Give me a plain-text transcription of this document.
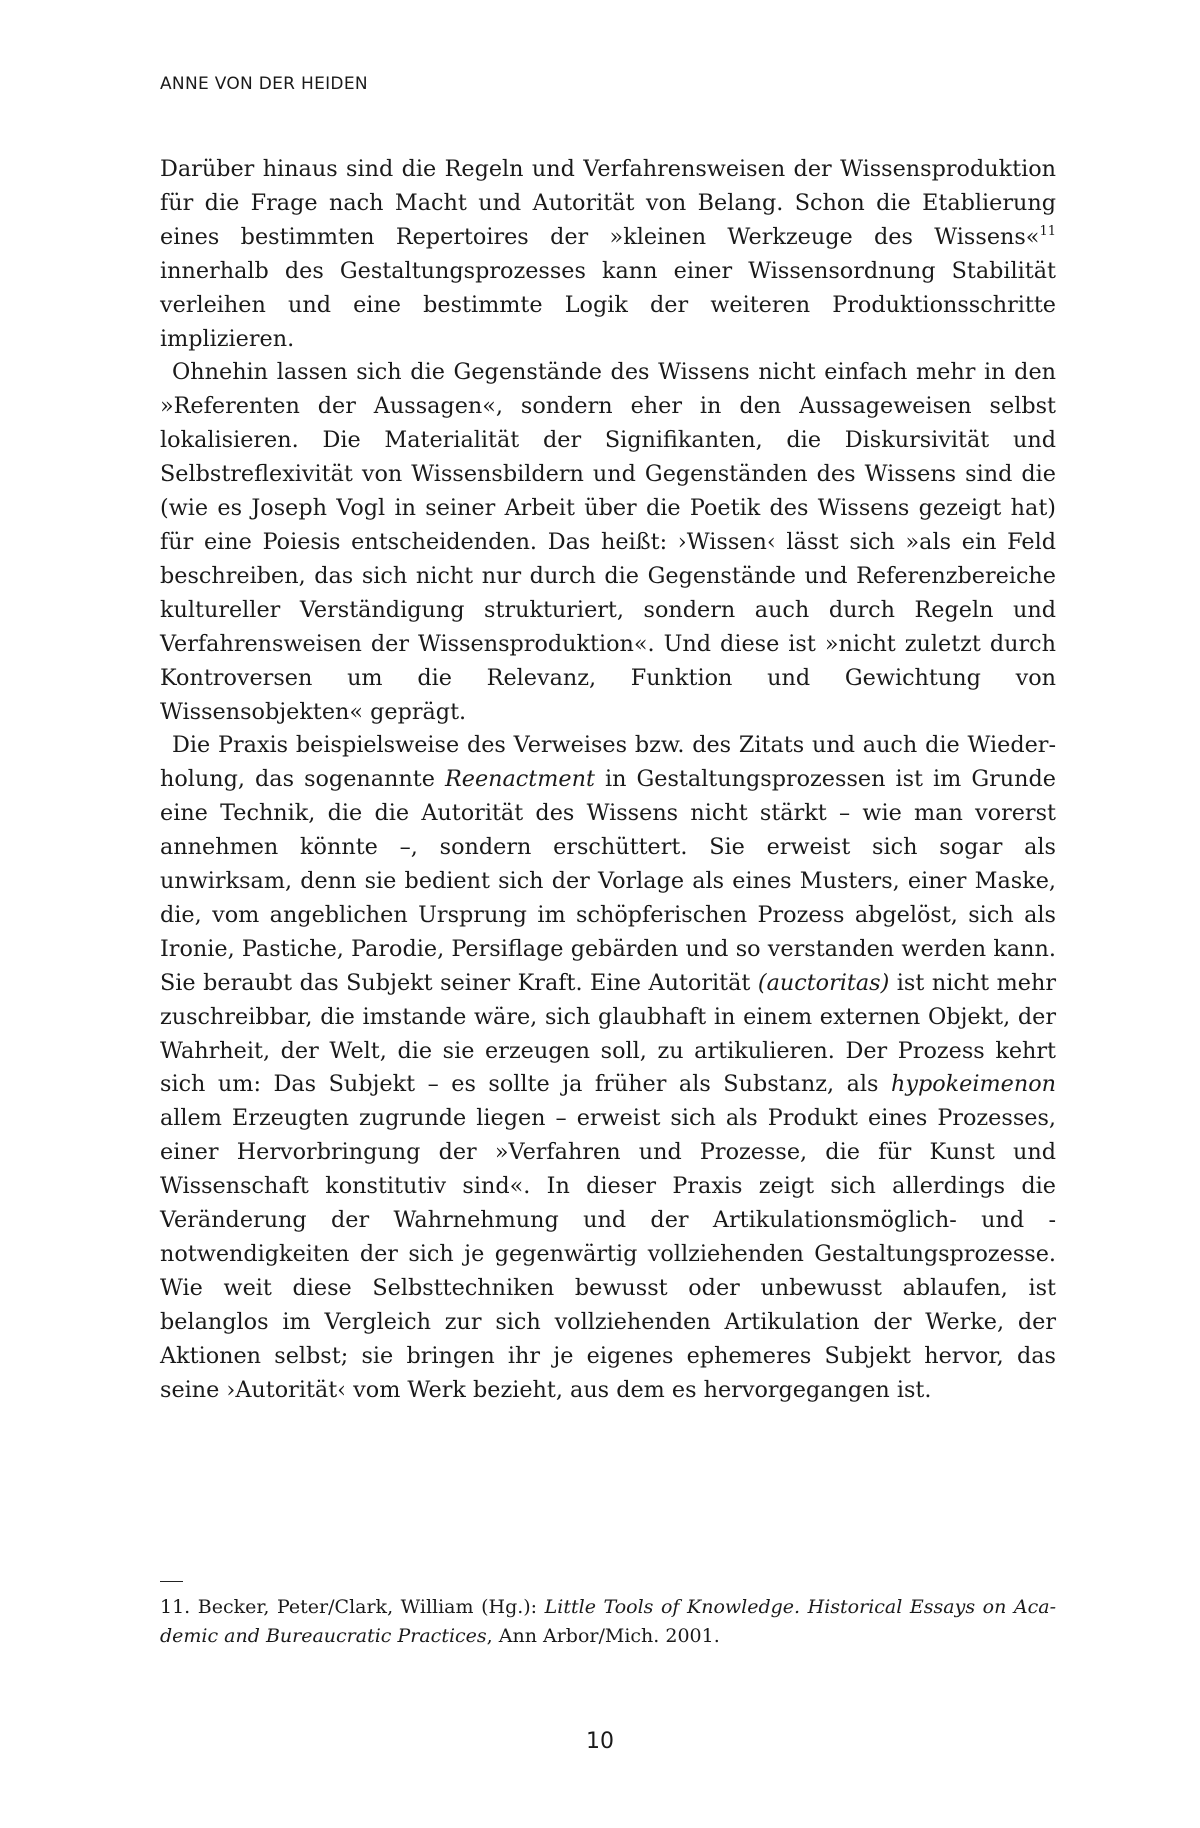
ANNE VON DER HEIDEN

Darüber hinaus sind die Regeln und Verfahrensweisen der Wissensproduktion für die Frage nach Macht und Autorität von Belang. Schon die Etablierung eines bestimmten Repertoires der »kleinen Werkzeuge des Wissens«$^{11}$ innerhalb des Gestaltungsprozesses kann einer Wissensordnung Stabilität verleihen und eine bestimmte Logik der weiteren Produktionsschritte implizieren.

Ohnehin lassen sich die Gegenstände des Wissens nicht einfach mehr in den »Referenten der Aussagen«, sondern eher in den Aussageweisen selbst lokalisieren. Die Materialität der Signifikanten, die Diskursivität und Selbstreflexivität von Wissensbildern und Gegenständen des Wissens sind die (wie es Joseph Vogl in seiner Arbeit über die Poetik des Wissens gezeigt hat) für eine Poiesis entscheidenden. Das heißt: ›Wissen‹ lässt sich »als ein Feld beschreiben, das sich nicht nur durch die Gegenstände und Referenzbereiche kultureller Verständigung strukturiert, sondern auch durch Regeln und Verfahrensweisen der Wissensproduktion«. Und diese ist »nicht zuletzt durch Kontroversen um die Relevanz, Funktion und Gewichtung von Wissensobjekten« geprägt.

Die Praxis beispielsweise des Verweises bzw. des Zitats und auch die Wiederholung, das sogenannte Reenactment in Gestaltungsprozessen ist im Grunde eine Technik, die die Autorität des Wissens nicht stärkt – wie man vorerst annehmen könnte –, sondern erschüttert. Sie erweist sich sogar als unwirksam, denn sie bedient sich der Vorlage als eines Musters, einer Maske, die, vom angeblichen Ursprung im schöpferischen Prozess abgelöst, sich als Ironie, Pastiche, Parodie, Persiflage gebärden und so verstanden werden kann. Sie beraubt das Subjekt seiner Kraft. Eine Autorität (auctoritas) ist nicht mehr zuschreibbar, die imstande wäre, sich glaubhaft in einem externen Objekt, der Wahrheit, der Welt, die sie erzeugen soll, zu artikulieren. Der Prozess kehrt sich um: Das Subjekt – es sollte ja früher als Substanz, als hypokeimenon allem Erzeugten zugrunde liegen – erweist sich als Produkt eines Prozesses, einer Hervorbringung der »Verfahren und Prozesse, die für Kunst und Wissenschaft konstitutiv sind«. In dieser Praxis zeigt sich allerdings die Veränderung der Wahrnehmung und der Artikulationsmöglich- und -notwendigkeiten der sich je gegenwärtig vollziehenden Gestaltungsprozesse. Wie weit diese Selbsttechniken bewusst oder unbewusst ablaufen, ist belanglos im Vergleich zur sich vollziehenden Artikulation der Werke, der Aktionen selbst; sie bringen ihr je eigenes ephemeres Subjekt hervor, das seine ›Autorität‹ vom Werk bezieht, aus dem es hervorgegangen ist.

11. Becker, Peter/Clark, William (Hg.): Little Tools of Knowledge. Historical Essays on Academic and Bureaucratic Practices, Ann Arbor/Mich. 2001.
10
